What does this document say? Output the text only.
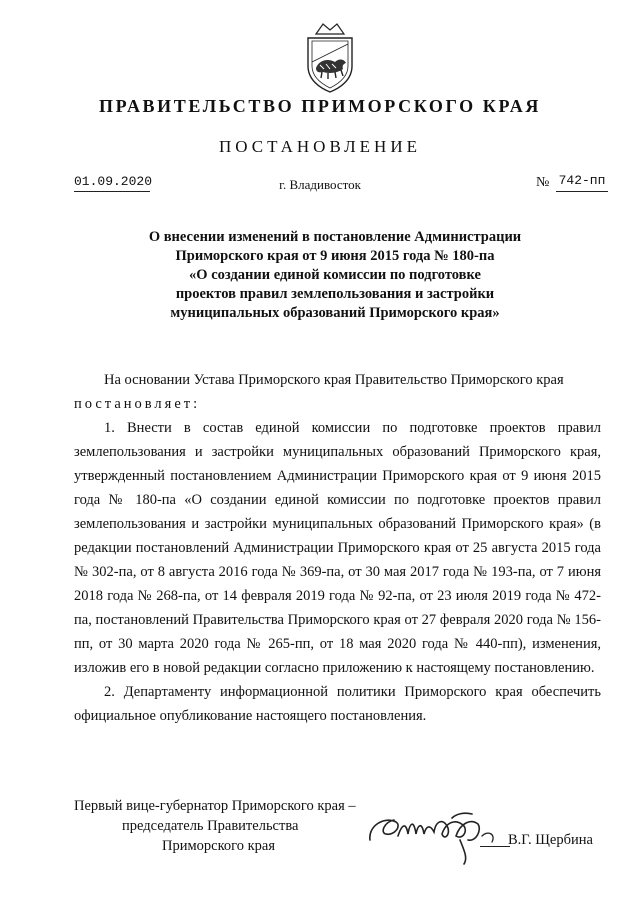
ПРАВИТЕЛЬСТВО ПРИМОРСКОГО КРАЯ
ПОСТАНОВЛЕНИЕ
01.09.2020	г. Владивосток	№ 742-пп
О внесении изменений в постановление Администрации
Приморского края от 9 июня 2015 года № 180-па
«О создании единой комиссии по подготовке
проектов правил землепользования и застройки
муниципальных образований Приморского края»

На основании Устава Приморского края Правительство Приморского края

постановляет:

1. Внести в состав единой комиссии по подготовке проектов правил землепользования и застройки муниципальных образований Приморского края, утвержденный постановлением Администрации Приморского края от 9 июня 2015 года № 180-па «О создании единой комиссии по подготовке проектов правил землепользования и застройки муниципальных образований Приморского края» (в редакции постановлений Администрации Приморского края от 25 августа 2015 года № 302-па, от 8 августа 2016 года № 369-па, от 30 мая 2017 года № 193-па, от 7 июня 2018 года № 268-па, от 14 февраля 2019 года № 92-па, от 23 июля 2019 года № 472-па, постановлений Правительства Приморского края от 27 февраля 2020 года № 156-пп, от 30 марта 2020 года № 265-пп, от 18 мая 2020 года № 440-пп), изменения, изложив его в новой редакции согласно приложению к настоящему постановлению.

2. Департаменту информационной политики Приморского края обеспечить официальное опубликование настоящего постановления.

Первый вице-губернатор Приморского края –
председатель Правительства
Приморского края	В.Г. Щербина
